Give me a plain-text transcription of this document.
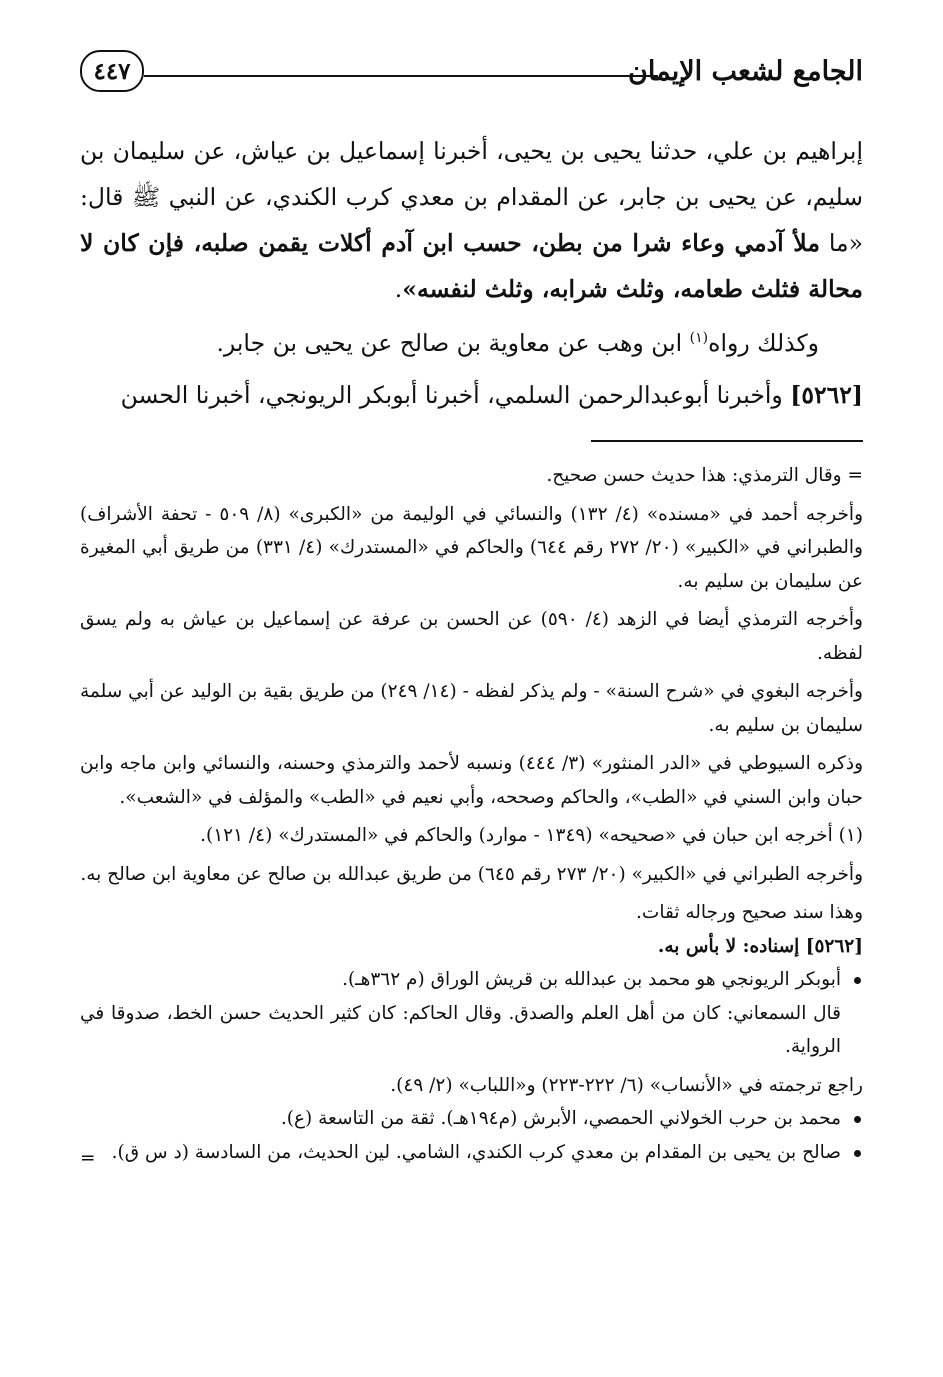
الجامع لشعب الإيمان
٤٤٧

إبراهيم بن علي، حدثنا يحيى بن يحيى، أخبرنا إسماعيل بن عياش، عن سليمان بن سليم، عن يحيى بن جابر، عن المقدام بن معدي كرب الكندي، عن النبي ﷺ قال: «ما ملأ آدمي وعاء شرا من بطن، حسب ابن آدم أكلات يقمن صلبه، فإن كان لا محالة فثلث طعامه، وثلث شرابه، وثلث لنفسه».

وكذلك رواه$^{(١)}$ ابن وهب عن معاوية بن صالح عن يحيى بن جابر.

[٥٢٦٢] وأخبرنا أبوعبدالرحمن السلمي، أخبرنا أبوبكر الريونجي، أخبرنا الحسن

= وقال الترمذي: هذا حديث حسن صحيح.

وأخرجه أحمد في «مسنده» (٤/ ١٣٢) والنسائي في الوليمة من «الكبرى» (٨/ ٥٠٩ - تحفة الأشراف) والطبراني في «الكبير» (٢٠/ ٢٧٢ رقم ٦٤٤) والحاكم في «المستدرك» (٤/ ٣٣١) من طريق أبي المغيرة عن سليمان بن سليم به.

وأخرجه الترمذي أيضا في الزهد (٤/ ٥٩٠) عن الحسن بن عرفة عن إسماعيل بن عياش به ولم يسق لفظه.

وأخرجه البغوي في «شرح السنة» - ولم يذكر لفظه - (١٤/ ٢٤٩) من طريق بقية بن الوليد عن أبي سلمة سليمان بن سليم به.

وذكره السيوطي في «الدر المنثور» (٣/ ٤٤٤) ونسبه لأحمد والترمذي وحسنه، والنسائي وابن ماجه وابن حبان وابن السني في «الطب»، والحاكم وصححه، وأبي نعيم في «الطب» والمؤلف في «الشعب».

(١) أخرجه ابن حبان في «صحيحه» (١٣٤٩ - موارد) والحاكم في «المستدرك» (٤/ ١٢١).

وأخرجه الطبراني في «الكبير» (٢٠/ ٢٧٣ رقم ٦٤٥) من طريق عبدالله بن صالح عن معاوية ابن صالح به.

وهذا سند صحيح ورجاله ثقات.

[٥٢٦٢] إسناده: لا بأس به.

أبوبكر الريونجي هو محمد بن عبدالله بن قريش الوراق (م ٣٦٢هـ).

قال السمعاني: كان من أهل العلم والصدق. وقال الحاكم: كان كثير الحديث حسن الخط، صدوقا في الرواية.

راجع ترجمته في «الأنساب» (٦/ ٢٢٢-٢٢٣) و«اللباب» (٢/ ٤٩).

محمد بن حرب الخولاني الحمصي، الأبرش (م١٩٤هـ). ثقة من التاسعة (ع).

صالح بن يحيى بن المقدام بن معدي كرب الكندي، الشامي. لين الحديث، من السادسة (د س ق).

=
